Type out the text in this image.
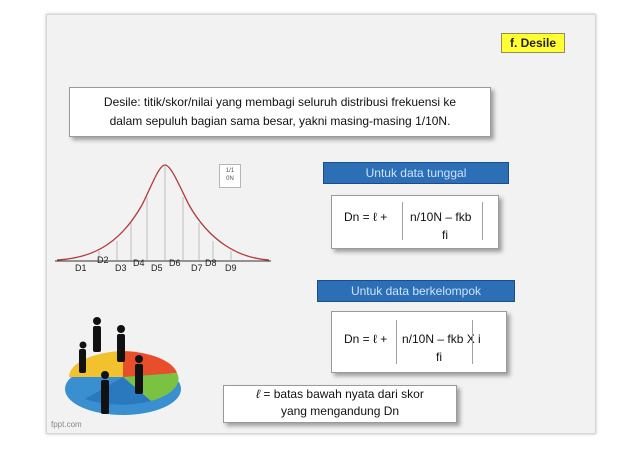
f. Desile
Desile: titik/skor/nilai yang membagi seluruh distribusi frekuensi ke
dalam sepuluh bagian sama besar, yakni masing-masing 1/10N.
1/1
0N
D1
D2
D3 D4 D5 D6 D7 D8 D9
Untuk data tunggal
Dn = ℓ + n/10N – fkb
fi
Untuk data berkelompok
Dn = ℓ + n/10N – fkb X i
fi
ℓ = batas bawah nyata dari skor
yang mengandung Dn
fppt.com
